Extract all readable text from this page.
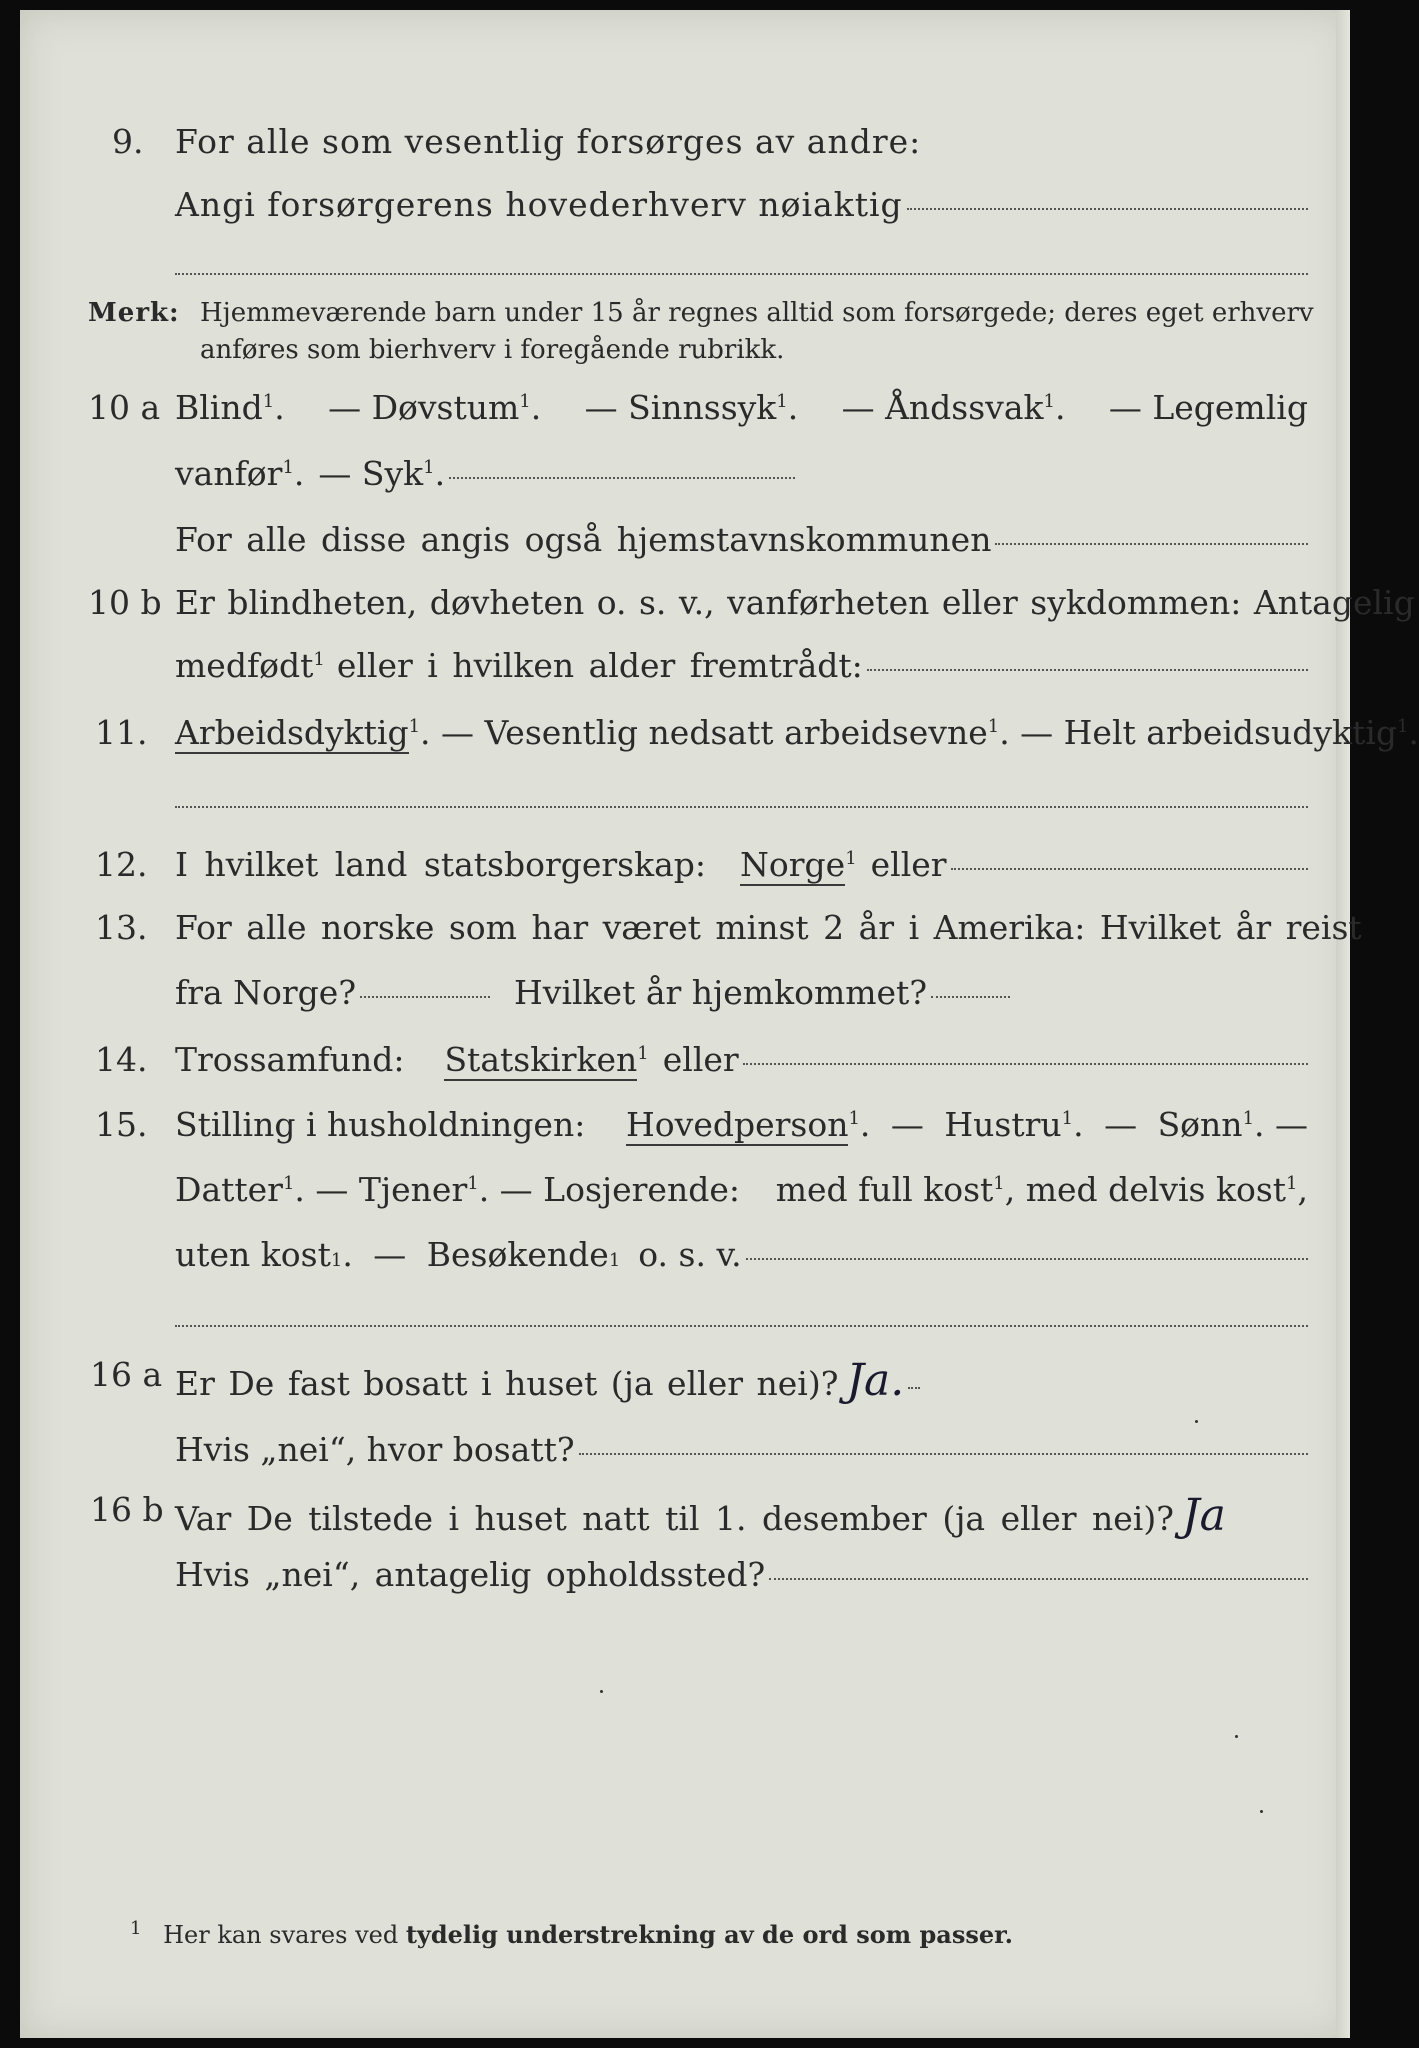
9. For alle som vesentlig forsørges av andre:
Angi forsørgerens hovederhverv nøiaktig
Merk: Hjemmeværende barn under 15 år regnes alltid som forsørgede; deres eget erhverv
anføres som bierhverv i foregående rubrikk.
10 a Blind$^1$. — Døvstum$^1$. — Sinnssyk$^1$. — Åndssvak$^1$. — Legemlig
vanfør$^1$. — Syk$^1$.
For alle disse angis også hjemstavnskommunen
10 b Er blindheten, døvheten o. s. v., vanførheten eller sykdommen: Antagelig
medfødt$^1$ eller i hvilken alder fremtrådt:
11. Arbeidsdyktig$^1$. — Vesentlig nedsatt arbeidsevne$^1$. — Helt arbeidsudyktig$^1$.
12. I hvilket land statsborgerskap: Norge$^1$ eller
13. For alle norske som har været minst 2 år i Amerika: Hvilket år reist
fra Norge?	Hvilket år hjemkommet?
14. Trossamfund: Statskirken$^1$ eller
15. Stilling i husholdningen: Hovedperson$^1$. — Hustru$^1$. — Sønn$^1$. —
Datter$^1$. — Tjener$^1$. — Losjerende: med full kost$^1$, med delvis kost$^1$,
uten kost 1 . — Besøkende 1 o. s. v.
16 a Er De fast bosatt i huset (ja eller nei)? Ja.
Hvis „nei“, hvor bosatt?
16 b Var De tilstede i huset natt til 1. desember (ja eller nei)? Ja
Hvis „nei“, antagelig opholdssted?
$^1$ Her kan svares ved tydelig understrekning av de ord som passer.
